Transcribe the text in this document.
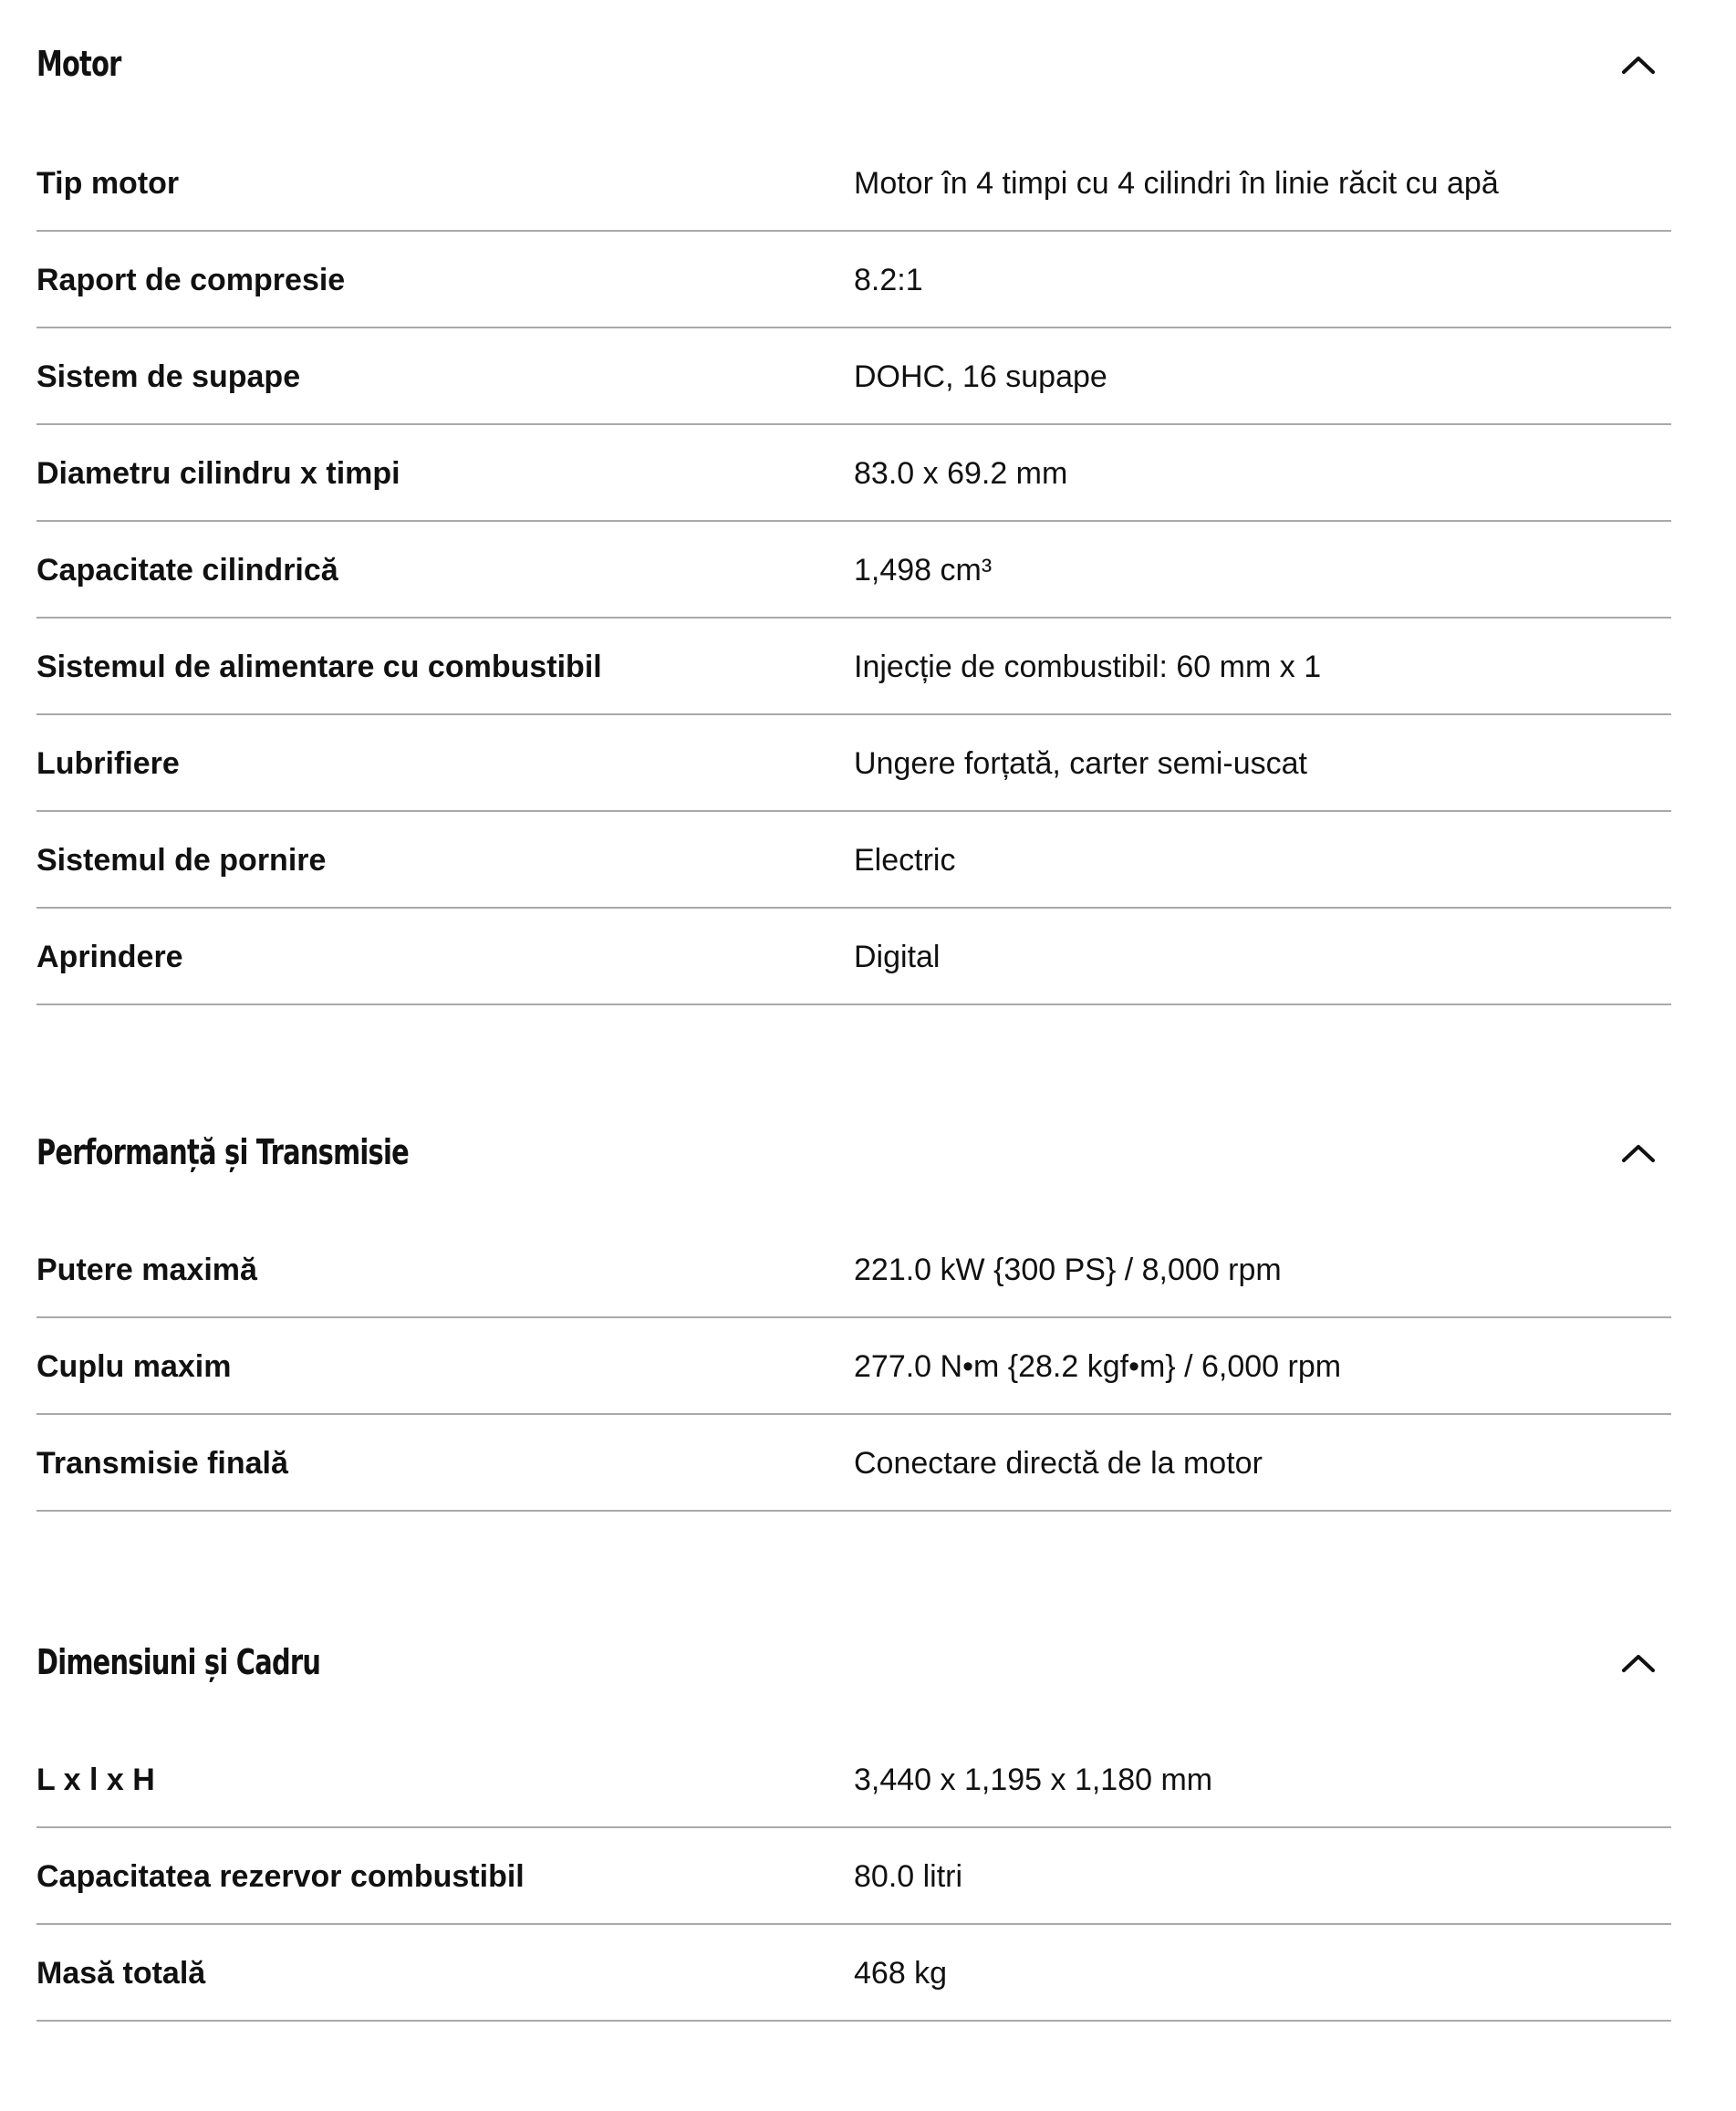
Motor
Tip motor	Motor în 4 timpi cu 4 cilindri în linie răcit cu apă
Raport de compresie	8.2:1
Sistem de supape	DOHC, 16 supape
Diametru cilindru x timpi	83.0 x 69.2 mm
Capacitate cilindrică	1,498 cm³
Sistemul de alimentare cu combustibil	Injecție de combustibil: 60 mm x 1
Lubrifiere	Ungere forțată, carter semi-uscat
Sistemul de pornire	Electric
Aprindere	Digital
Performanță și Transmisie
Putere maximă	221.0 kW {300 PS} / 8,000 rpm
Cuplu maxim	277.0 N•m {28.2 kgf•m} / 6,000 rpm
Transmisie finală	Conectare directă de la motor
Dimensiuni și Cadru
L x l x H	3,440 x 1,195 x 1,180 mm
Capacitatea rezervor combustibil	80.0 litri
Masă totală	468 kg
